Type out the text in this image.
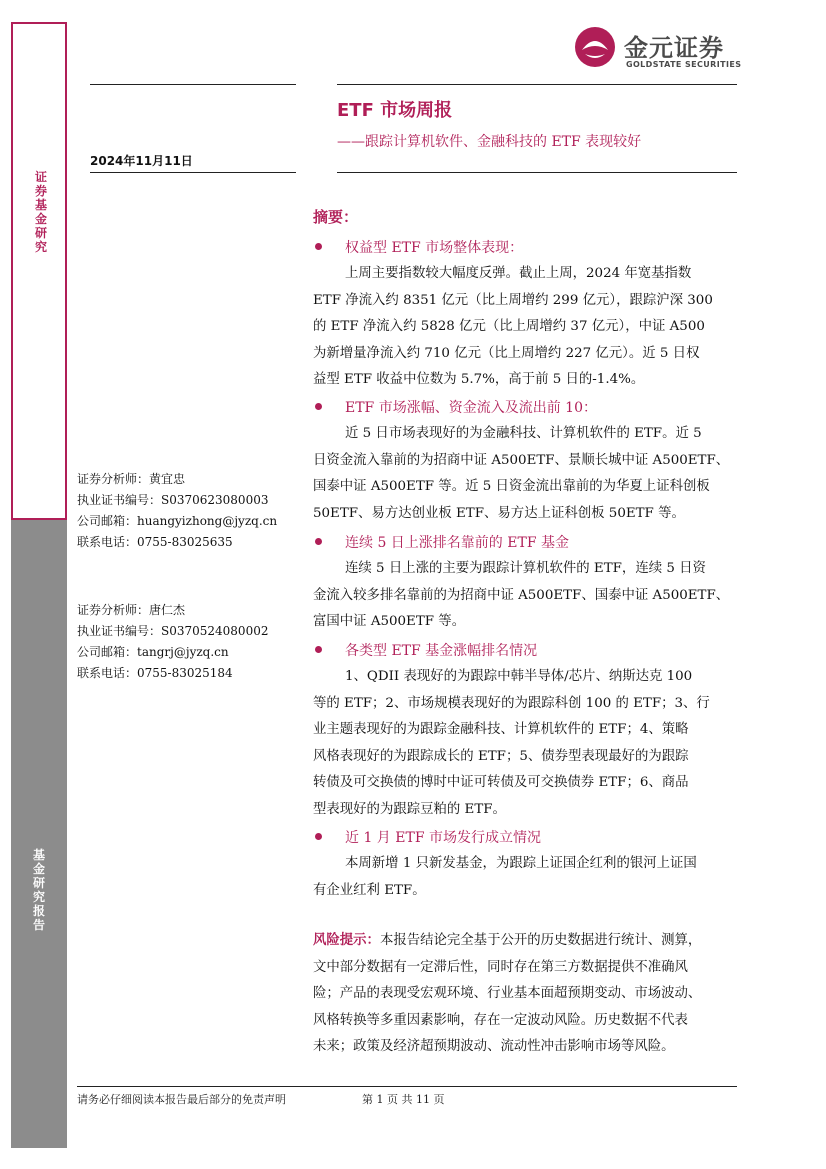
证
券
基
金
研
究
基
金
研
究
报
告
金元证券
GOLDSTATE SECURITIES
2024年11月11日
ETF 市场周报
——跟踪计算机软件、金融科技的 ETF 表现较好

证券分析师：黄宜忠

执业证书编号：S0370623080003

公司邮箱：huangyizhong@jyzq.cn

联系电话：0755-83025635

证券分析师：唐仁杰

执业证书编号：S0370524080002

公司邮箱：tangrj@jyzq.cn

联系电话：0755-83025184

摘要：
权益型 ETF 市场整体表现：
上周主要指数较大幅度反弹。截止上周，2024 年宽基指数
ETF 净流入约 8351 亿元（比上周增约 299 亿元），跟踪沪深 300
的 ETF 净流入约 5828 亿元（比上周增约 37 亿元），中证 A500
为新增量净流入约 710 亿元（比上周增约 227 亿元）。近 5 日权
益型 ETF 收益中位数为 5.7%，高于前 5 日的-1.4%。
ETF 市场涨幅、资金流入及流出前 10：
近 5 日市场表现好的为金融科技、计算机软件的 ETF。近 5
日资金流入靠前的为招商中证 A500ETF、景顺长城中证 A500ETF、
国泰中证 A500ETF 等。近 5 日资金流出靠前的为华夏上证科创板
50ETF、易方达创业板 ETF、易方达上证科创板 50ETF 等。
连续 5 日上涨排名靠前的 ETF 基金
连续 5 日上涨的主要为跟踪计算机软件的 ETF，连续 5 日资
金流入较多排名靠前的为招商中证 A500ETF、国泰中证 A500ETF、
富国中证 A500ETF 等。
各类型 ETF 基金涨幅排名情况
1、QDII 表现好的为跟踪中韩半导体/芯片、纳斯达克 100
等的 ETF；2、市场规模表现好的为跟踪科创 100 的 ETF；3、行
业主题表现好的为跟踪金融科技、计算机软件的 ETF；4、策略
风格表现好的为跟踪成长的 ETF；5、债券型表现最好的为跟踪
转债及可交换债的博时中证可转债及可交换债券 ETF；6、商品
型表现好的为跟踪豆粕的 ETF。
近 1 月 ETF 市场发行成立情况
本周新增 1 只新发基金，为跟踪上证国企红利的银河上证国
有企业红利 ETF。
风险提示：本报告结论完全基于公开的历史数据进行统计、测算，
文中部分数据有一定滞后性，同时存在第三方数据提供不准确风
险；产品的表现受宏观环境、行业基本面超预期变动、市场波动、
风格转换等多重因素影响，存在一定波动风险。历史数据不代表
未来；政策及经济超预期波动、流动性冲击影响市场等风险。
请务必仔细阅读本报告最后部分的免责声明	第 1 页 共 11 页
